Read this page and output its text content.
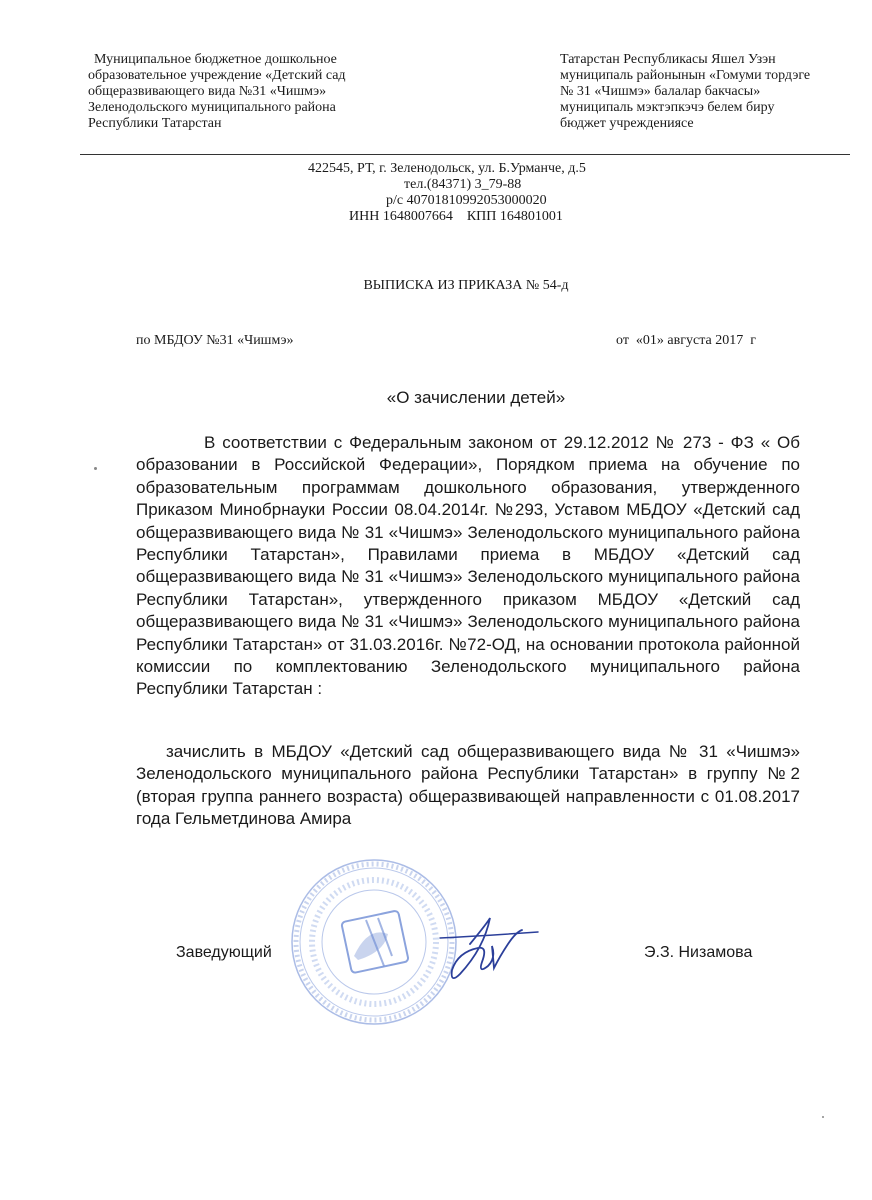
Муниципальное бюджетное дошкольное
образовательное учреждение «Детский сад
общеразвивающего вида №31 «Чишмэ»
Зеленодольского муниципального района
Республики Татарстан
Татарстан Республикасы Яшел Узэн
муниципаль районынын «Гомуми тордэге
№ 31 «Чишмэ» балалар бакчасы»
муниципаль мэктэпкэчэ белем биру
бюджет учреждениясе
422545, РТ, г. Зеленодольск, ул. Б.Урманче, д.5
тел.(84371) 3_79-88
р/с 40701810992053000020
ИНН 1648007664    КПП 164801001
ВЫПИСКА ИЗ ПРИКАЗА № 54-д
по МБДОУ №31 «Чишмэ»	от  «01» августа 2017  г
«О зачислении детей»
В соответствии с Федеральным законом от 29.12.2012 № 273 - ФЗ « Об образовании в Российской Федерации», Порядком приема на обучение по образовательным программам дошкольного образования, утвержденного Приказом Минобрнауки России 08.04.2014г. №293, Уставом МБДОУ «Детский сад общеразвивающего вида № 31 «Чишмэ» Зеленодольского муниципального района Республики Татарстан», Правилами приема в МБДОУ «Детский сад общеразвивающего вида № 31 «Чишмэ» Зеленодольского муниципального района Республики Татарстан», утвержденного приказом МБДОУ «Детский сад общеразвивающего вида № 31 «Чишмэ» Зеленодольского муниципального района Республики Татарстан» от 31.03.2016г. №72-ОД, на основании протокола районной комиссии по комплектованию Зеленодольского муниципального района Республики Татарстан :
зачислить в МБДОУ «Детский сад общеразвивающего вида № 31 «Чишмэ» Зеленодольского муниципального района Республики Татарстан» в группу №2 (вторая группа раннего возраста) общеразвивающей направленности с 01.08.2017 года Гельметдинова Амира
Заведующий	Э.З. Низамова
